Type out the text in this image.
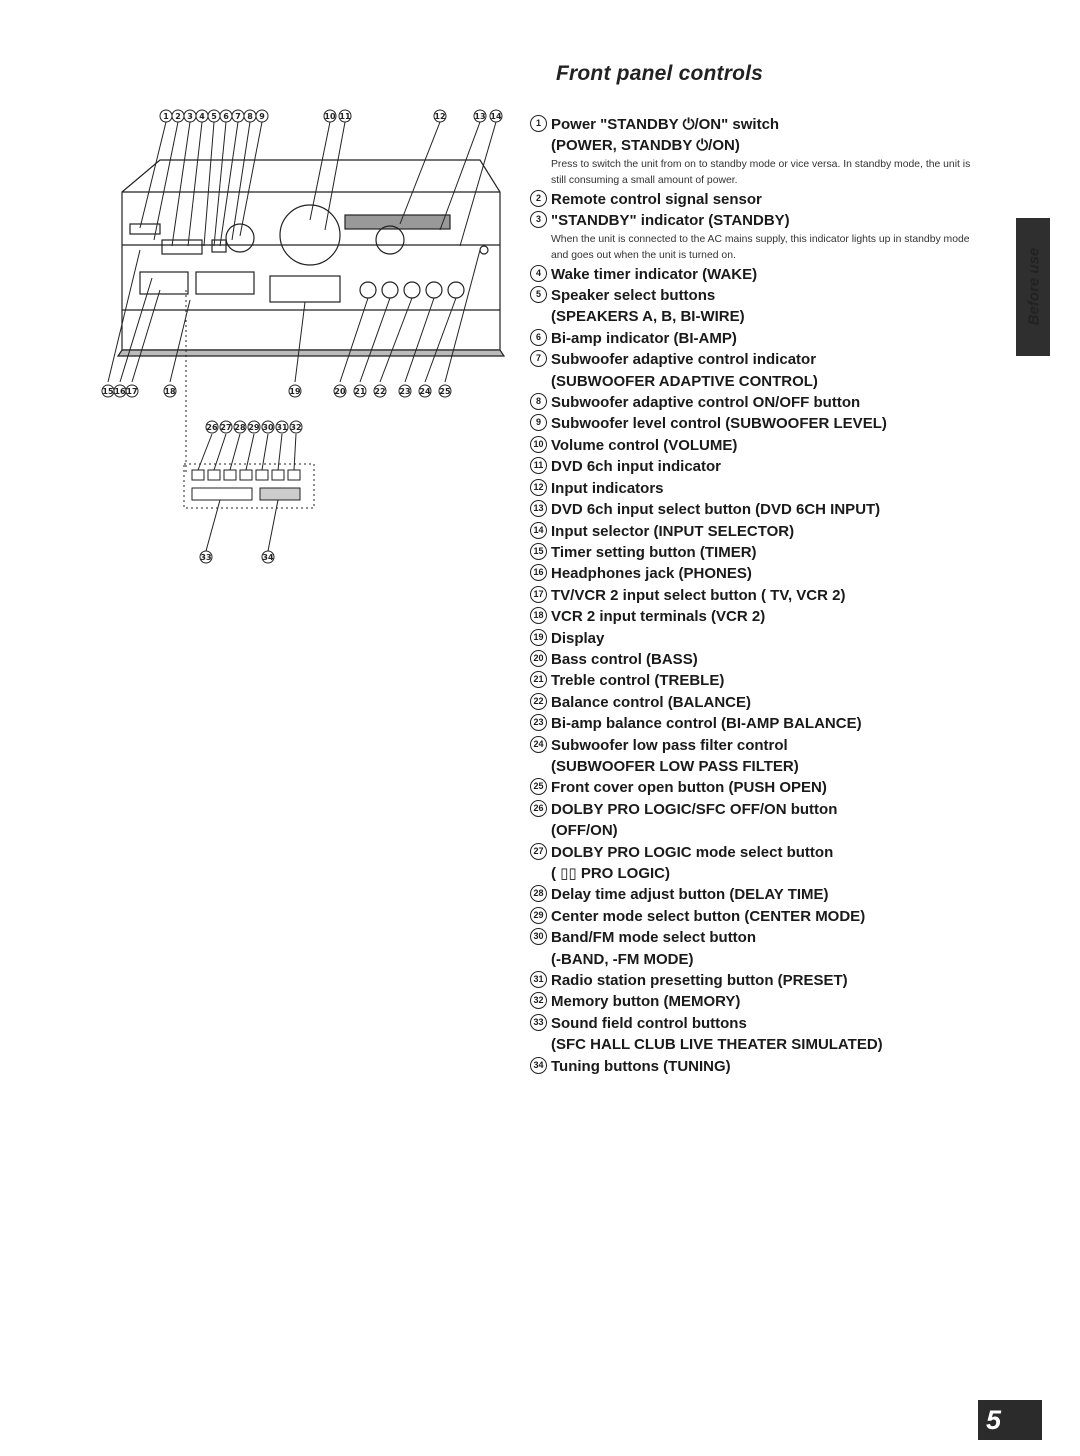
Front panel controls
1 2 3 4 5 6 7 8 9	10 11	12	13 14
15 16 17	18	19	20 21 22 23 24 25
26 27 28 29 30 31 32
33	34
1 Power "STANDBY ⏻/ON" switch
(POWER, STANDBY ⏻/ON)
Press to switch the unit from on to standby mode or vice versa. In standby mode, the unit is still consuming a small amount of power.
2 Remote control signal sensor
3 "STANDBY" indicator (STANDBY)
When the unit is connected to the AC mains supply, this indicator lights up in standby mode and goes out when the unit is turned on.
4 Wake timer indicator (WAKE)
5 Speaker select buttons
(SPEAKERS A, B, BI-WIRE)
6 Bi-amp indicator (BI-AMP)
7 Subwoofer adaptive control indicator
(SUBWOOFER ADAPTIVE CONTROL)
8 Subwoofer adaptive control ON/OFF button
9 Subwoofer level control (SUBWOOFER LEVEL)
10 Volume control (VOLUME)
11 DVD 6ch input indicator
12 Input indicators
13 DVD 6ch input select button (DVD 6CH INPUT)
14 Input selector (INPUT SELECTOR)
15 Timer setting button (TIMER)
16 Headphones jack (PHONES)
17 TV/VCR 2 input select button ( TV, VCR 2)
18 VCR 2 input terminals (VCR 2)
19 Display
20 Bass control (BASS)
21 Treble control (TREBLE)
22 Balance control (BALANCE)
23 Bi-amp balance control (BI-AMP BALANCE)
24 Subwoofer low pass filter control
(SUBWOOFER LOW PASS FILTER)
25 Front cover open button (PUSH OPEN)
26 DOLBY PRO LOGIC/SFC OFF/ON button
(OFF/ON)
27 DOLBY PRO LOGIC mode select button
( ▯▯ PRO LOGIC)
28 Delay time adjust button (DELAY TIME)
29 Center mode select button (CENTER MODE)
30 Band/FM mode select button
(-BAND, -FM MODE)
31 Radio station presetting button (PRESET)
32 Memory button (MEMORY)
33 Sound field control buttons
(SFC HALL CLUB LIVE THEATER SIMULATED)
34 Tuning buttons (TUNING)
Before use
5
